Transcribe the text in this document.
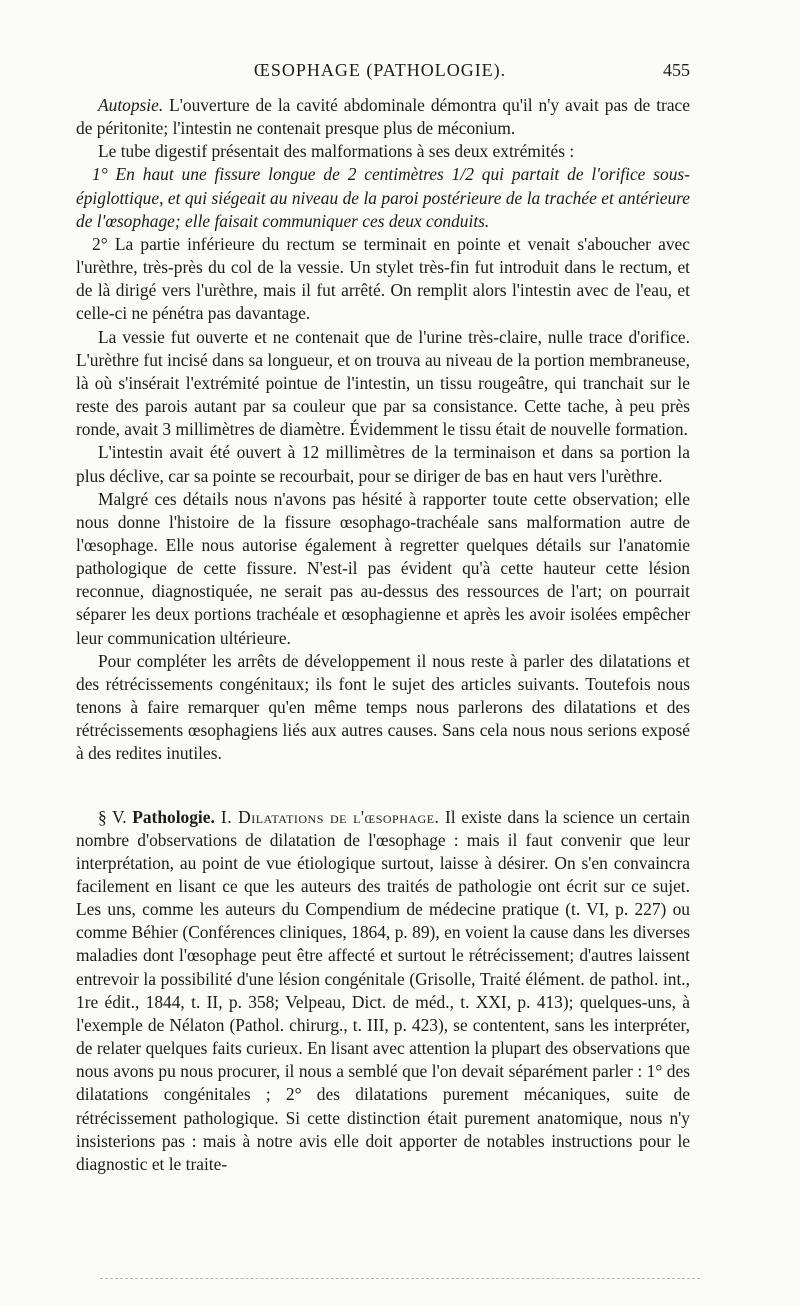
ŒSOPHAGE (PATHOLOGIE).	455

Autopsie. L'ouverture de la cavité abdominale démontra qu'il n'y avait pas de trace de péritonite; l'intestin ne contenait presque plus de méconium.

Le tube digestif présentait des malformations à ses deux extrémités :

1° En haut une fissure longue de 2 centimètres 1/2 qui partait de l'orifice sous-épiglottique, et qui siégeait au niveau de la paroi postérieure de la trachée et antérieure de l'œsophage; elle faisait communiquer ces deux conduits.

2° La partie inférieure du rectum se terminait en pointe et venait s'aboucher avec l'urèthre, très-près du col de la vessie. Un stylet très-fin fut introduit dans le rectum, et de là dirigé vers l'urèthre, mais il fut arrêté. On remplit alors l'intestin avec de l'eau, et celle-ci ne pénétra pas davantage.

La vessie fut ouverte et ne contenait que de l'urine très-claire, nulle trace d'orifice. L'urèthre fut incisé dans sa longueur, et on trouva au niveau de la portion membraneuse, là où s'insérait l'extrémité pointue de l'intestin, un tissu rougeâtre, qui tranchait sur le reste des parois autant par sa couleur que par sa consistance. Cette tache, à peu près ronde, avait 3 millimètres de diamètre. Évidemment le tissu était de nouvelle formation.

L'intestin avait été ouvert à 12 millimètres de la terminaison et dans sa portion la plus déclive, car sa pointe se recourbait, pour se diriger de bas en haut vers l'urèthre.

Malgré ces détails nous n'avons pas hésité à rapporter toute cette observation; elle nous donne l'histoire de la fissure œsophago-trachéale sans malformation autre de l'œsophage. Elle nous autorise également à regretter quelques détails sur l'anatomie pathologique de cette fissure. N'est-il pas évident qu'à cette hauteur cette lésion reconnue, diagnostiquée, ne serait pas au-dessus des ressources de l'art; on pourrait séparer les deux portions trachéale et œsophagienne et après les avoir isolées empêcher leur communication ultérieure.

Pour compléter les arrêts de développement il nous reste à parler des dilatations et des rétrécissements congénitaux; ils font le sujet des articles suivants. Toutefois nous tenons à faire remarquer qu'en même temps nous parlerons des dilatations et des rétrécissements œsophagiens liés aux autres causes. Sans cela nous nous serions exposé à des redites inutiles.

§ V. Pathologie. I. Dilatations de l'œsophage. Il existe dans la science un certain nombre d'observations de dilatation de l'œsophage : mais il faut convenir que leur interprétation, au point de vue étiologique surtout, laisse à désirer. On s'en convaincra facilement en lisant ce que les auteurs des traités de pathologie ont écrit sur ce sujet. Les uns, comme les auteurs du Compendium de médecine pratique (t. VI, p. 227) ou comme Béhier (Conférences cliniques, 1864, p. 89), en voient la cause dans les diverses maladies dont l'œsophage peut être affecté et surtout le rétrécissement; d'autres laissent entrevoir la possibilité d'une lésion congénitale (Grisolle, Traité élément. de pathol. int., 1re édit., 1844, t. II, p. 358; Velpeau, Dict. de méd., t. XXI, p. 413); quelques-uns, à l'exemple de Nélaton (Pathol. chirurg., t. III, p. 423), se contentent, sans les interpréter, de relater quelques faits curieux. En lisant avec attention la plupart des observations que nous avons pu nous procurer, il nous a semblé que l'on devait séparément parler : 1° des dilatations congénitales ; 2° des dilatations purement mécaniques, suite de rétrécissement pathologique. Si cette distinction était purement anatomique, nous n'y insisterions pas : mais à notre avis elle doit apporter de notables instructions pour le diagnostic et le traite-
